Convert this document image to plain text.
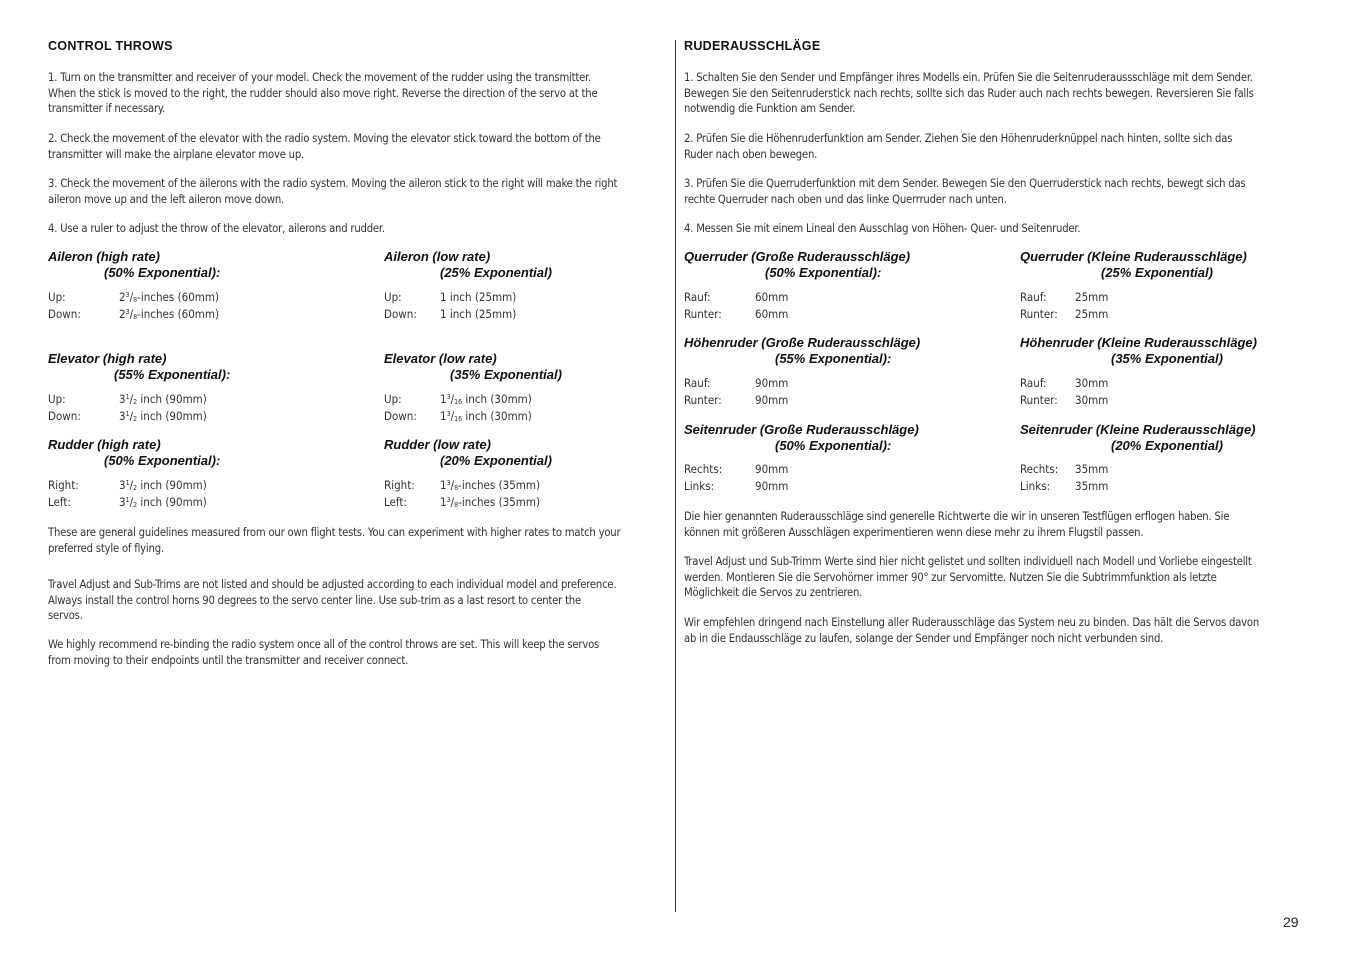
CONTROL THROWS
1. Turn on the transmitter and receiver of your model. Check the movement of the rudder using the transmitter.
When the stick is moved to the right, the rudder should also move right. Reverse the direction of the servo at the
transmitter if necessary.
2. Check the movement of the elevator with the radio system. Moving the elevator stick toward the bottom of the
transmitter will make the airplane elevator move up.
3. Check the movement of the ailerons with the radio system. Moving the aileron stick to the right will make the right
aileron move up and the left aileron move down.
4. Use a ruler to adjust the throw of the elevator, ailerons and rudder.
Aileron (high rate)
(50% Exponential):
Aileron (low rate)
(25% Exponential)
Up:	$2^3/_8$-inches (60mm)
Down:	$2^3/_8$-inches (60mm)
Up:	1 inch (25mm)
Down: 1 inch (25mm)
Elevator (high rate)
(55% Exponential):
Elevator (low rate)
(35% Exponential)
Up:	$3^1/_2$ inch (90mm)
Down:	$3^1/_2$ inch (90mm)
Up:	$1^3/_{16}$ inch (30mm)
Down: $1^3/_{16}$ inch (30mm)
Rudder (high rate)
(50% Exponential):
Rudder (low rate)
(20% Exponential)
Right:	$3^1/_2$ inch (90mm)
Left:	$3^1/_2$ inch (90mm)
Right: $1^3/_8$-inches (35mm)
Left:	$1^3/_8$-inches (35mm)
These are general guidelines measured from our own flight tests. You can experiment with higher rates to match your
preferred style of flying.
Travel Adjust and Sub-Trims are not listed and should be adjusted according to each individual model and preference.
Always install the control horns 90 degrees to the servo center line. Use sub-trim as a last resort to center the
servos.
We highly recommend re-binding the radio system once all of the control throws are set. This will keep the servos
from moving to their endpoints until the transmitter and receiver connect.
RUDERAUSSCHLÄGE
1. Schalten Sie den Sender und Empfänger ihres Modells ein. Prüfen Sie die Seitenruderaussschläge mit dem Sender.
Bewegen Sie den Seitenruderstick nach rechts, sollte sich das Ruder auch nach rechts bewegen. Reversieren Sie falls
notwendig die Funktion am Sender.
2. Prüfen Sie die Höhenruderfunktion am Sender. Ziehen Sie den Höhenruderknüppel nach hinten, sollte sich das
Ruder nach oben bewegen.
3. Prüfen Sie die Querruderfunktion mit dem Sender. Bewegen Sie den Querruderstick nach rechts, bewegt sich das
rechte Querruder nach oben und das linke Querrruder nach unten.
4. Messen Sie mit einem Lineal den Ausschlag von Höhen- Quer- und Seitenruder.
Querruder (Große Ruderausschläge)
(50% Exponential):
Querruder (Kleine Ruderausschläge)
(25% Exponential)
Rauf:	60mm
Runter:	60mm
Rauf: 25mm
Runter: 25mm
Höhenruder (Große Ruderausschläge)
(55% Exponential):
Höhenruder (Kleine Ruderausschläge)
(35% Exponential)
Rauf:	90mm
Runter:	90mm
Rauf: 30mm
Runter: 30mm
Seitenruder (Große Ruderausschläge)
(50% Exponential):
Seitenruder (Kleine Ruderausschläge)
(20% Exponential)
Rechts:	90mm
Links:	90mm
Rechts: 35mm
Links: 35mm
Die hier genannten Ruderausschläge sind generelle Richtwerte die wir in unseren Testflügen erflogen haben. Sie
können mit größeren Ausschlägen experimentieren wenn diese mehr zu ihrem Flugstil passen.
Travel Adjust und Sub-Trimm Werte sind hier nicht gelistet und sollten individuell nach Modell und Vorliebe eingestellt
werden. Montieren Sie die Servohörner immer 90° zur Servomitte. Nutzen Sie die Subtrimmfunktion als letzte
Möglichkeit die Servos zu zentrieren.
Wir empfehlen dringend nach Einstellung aller Ruderausschläge das System neu zu binden. Das hält die Servos davon
ab in die Endausschläge zu laufen, solange der Sender und Empfänger noch nicht verbunden sind.
29
